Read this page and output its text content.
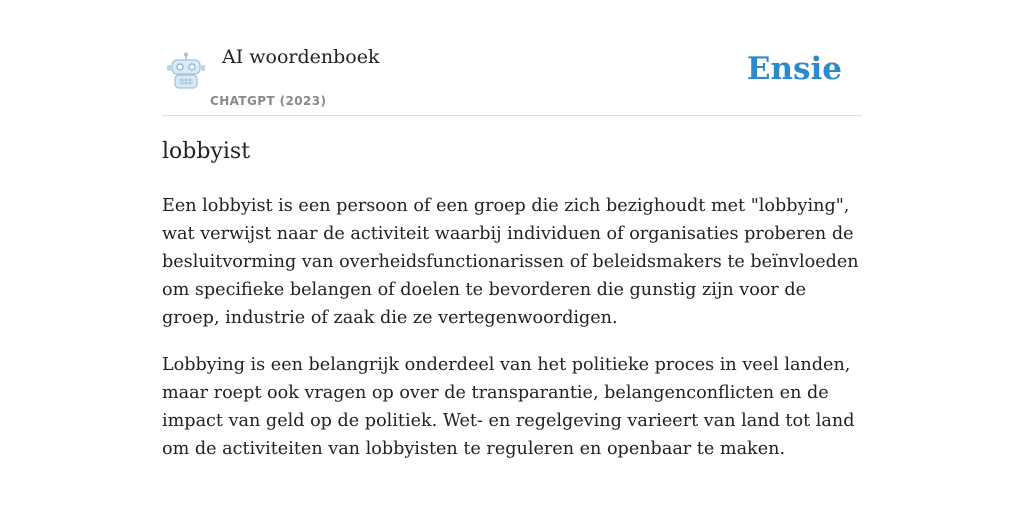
AI woordenboek
CHATGPT (2023)
Ensie
lobbyist

Een lobbyist is een persoon of een groep die zich bezighoudt met "lobbying", wat verwijst naar de activiteit waarbij individuen of organisaties proberen de besluitvorming van overheidsfunctionarissen of beleidsmakers te beïnvloeden om specifieke belangen of doelen te bevorderen die gunstig zijn voor de groep, industrie of zaak die ze vertegenwoordigen.

Lobbying is een belangrijk onderdeel van het politieke proces in veel landen, maar roept ook vragen op over de transparantie, belangenconflicten en de impact van geld op de politiek. Wet- en regelgeving varieert van land tot land om de activiteiten van lobbyisten te reguleren en openbaar te maken.
